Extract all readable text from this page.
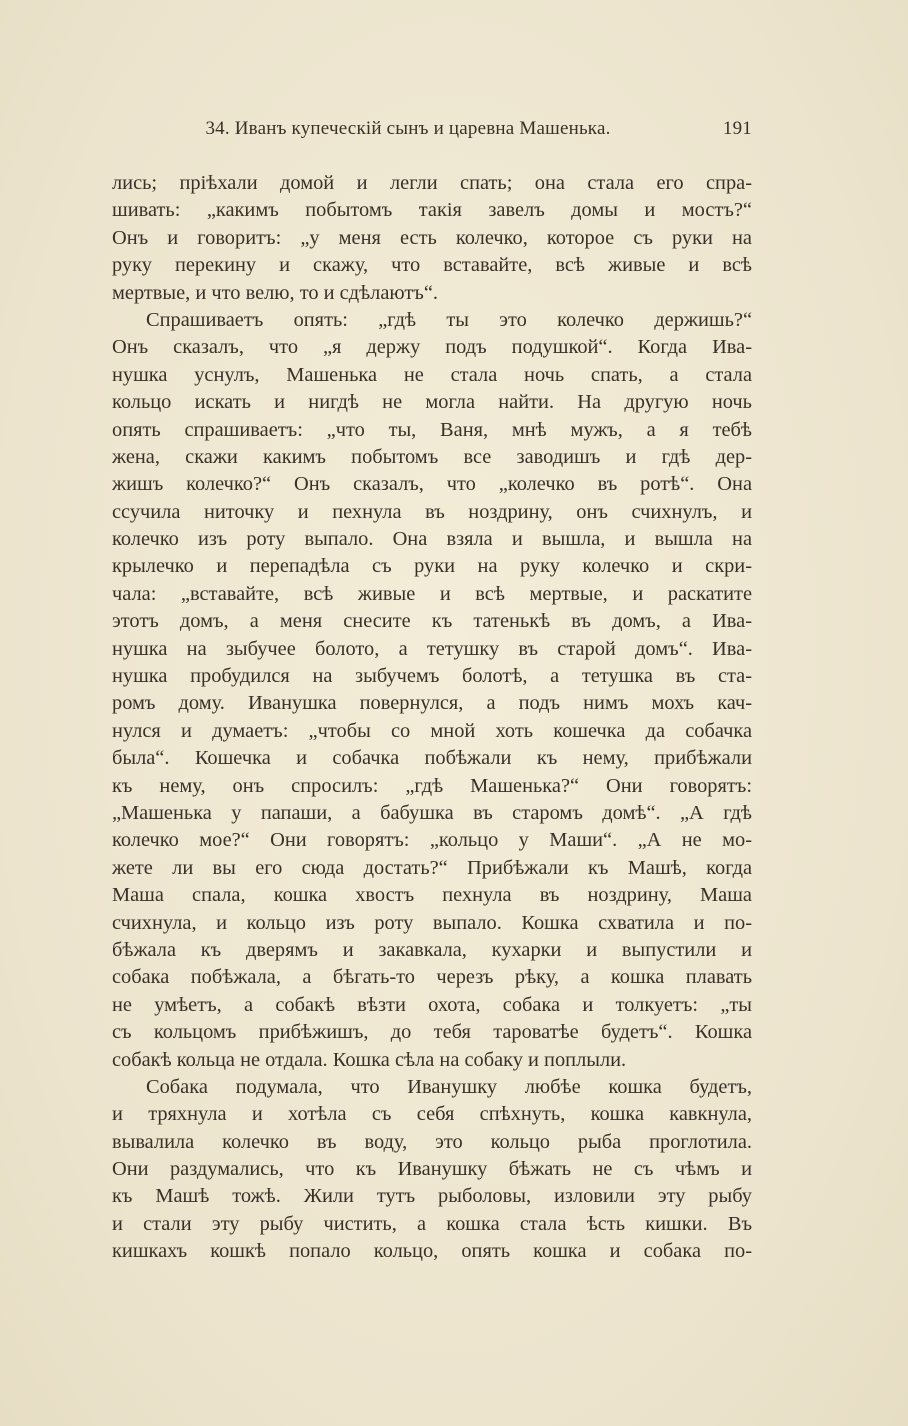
34. Иванъ купеческій сынъ и царевна Машенька.	191
лись; пріѣхали домой и легли спать; она стала его спра-
шивать: „какимъ побытомъ такія завелъ домы и мостъ?“
Онъ и говоритъ: „у меня есть колечко, которое съ руки на
руку перекину и скажу, что вставайте, всѣ живые и всѣ
мертвые, и что велю, то и сдѣлаютъ“.
Спрашиваетъ опять: „гдѣ ты это колечко держишь?“
Онъ сказалъ, что „я держу подъ подушкой“. Когда Ива-
нушка уснулъ, Машенька не стала ночь спать, а стала
кольцо искать и нигдѣ не могла найти. На другую ночь
опять спрашиваетъ: „что ты, Ваня, мнѣ мужъ, а я тебѣ
жена, скажи какимъ побытомъ все заводишъ и гдѣ дер-
жишъ колечко?“ Онъ сказалъ, что „колечко въ ротѣ“. Она
ссучила ниточку и пехнула въ ноздрину, онъ счихнулъ, и
колечко изъ роту выпало. Она взяла и вышла, и вышла на
крылечко и перепадѣла съ руки на руку колечко и скри-
чала: „вставайте, всѣ живые и всѣ мертвые, и раскатите
этотъ домъ, а меня снесите къ татенькѣ въ домъ, а Ива-
нушка на зыбучее болото, а тетушку въ старой домъ“. Ива-
нушка пробудился на зыбучемъ болотѣ, а тетушка въ ста-
ромъ дому. Иванушка повернулся, а подъ нимъ мохъ кач-
нулся и думаетъ: „чтобы со мной хоть кошечка да собачка
была“. Кошечка и собачка побѣжали къ нему, прибѣжали
къ нему, онъ спросилъ: „гдѣ Машенька?“ Они говорятъ:
„Машенька у папаши, а бабушка въ старомъ домѣ“. „А гдѣ
колечко мое?“ Они говорятъ: „кольцо у Маши“. „А не мо-
жете ли вы его сюда достать?“ Прибѣжали къ Машѣ, когда
Маша спала, кошка хвостъ пехнула въ ноздрину, Маша
счихнула, и кольцо изъ роту выпало. Кошка схватила и по-
бѣжала къ дверямъ и закавкала, кухарки и выпустили и
собака побѣжала, а бѣгать-то черезъ рѣку, а кошка плавать
не умѣетъ, а собакѣ вѣзти охота, собака и толкуетъ: „ты
съ кольцомъ прибѣжишъ, до тебя тароватѣе будетъ“. Кошка
собакѣ кольца не отдала. Кошка сѣла на собаку и поплыли.
Собака подумала, что Иванушку любѣе кошка будетъ,
и тряхнула и хотѣла съ себя спѣхнуть, кошка кавкнула,
вывалила колечко въ воду, это кольцо рыба проглотила.
Они раздумались, что къ Иванушку бѣжать не съ чѣмъ и
къ Машѣ тожѣ. Жили тутъ рыболовы, изловили эту рыбу
и стали эту рыбу чистить, а кошка стала ѣсть кишки. Въ
кишкахъ кошкѣ попало кольцо, опять кошка и собака по-
